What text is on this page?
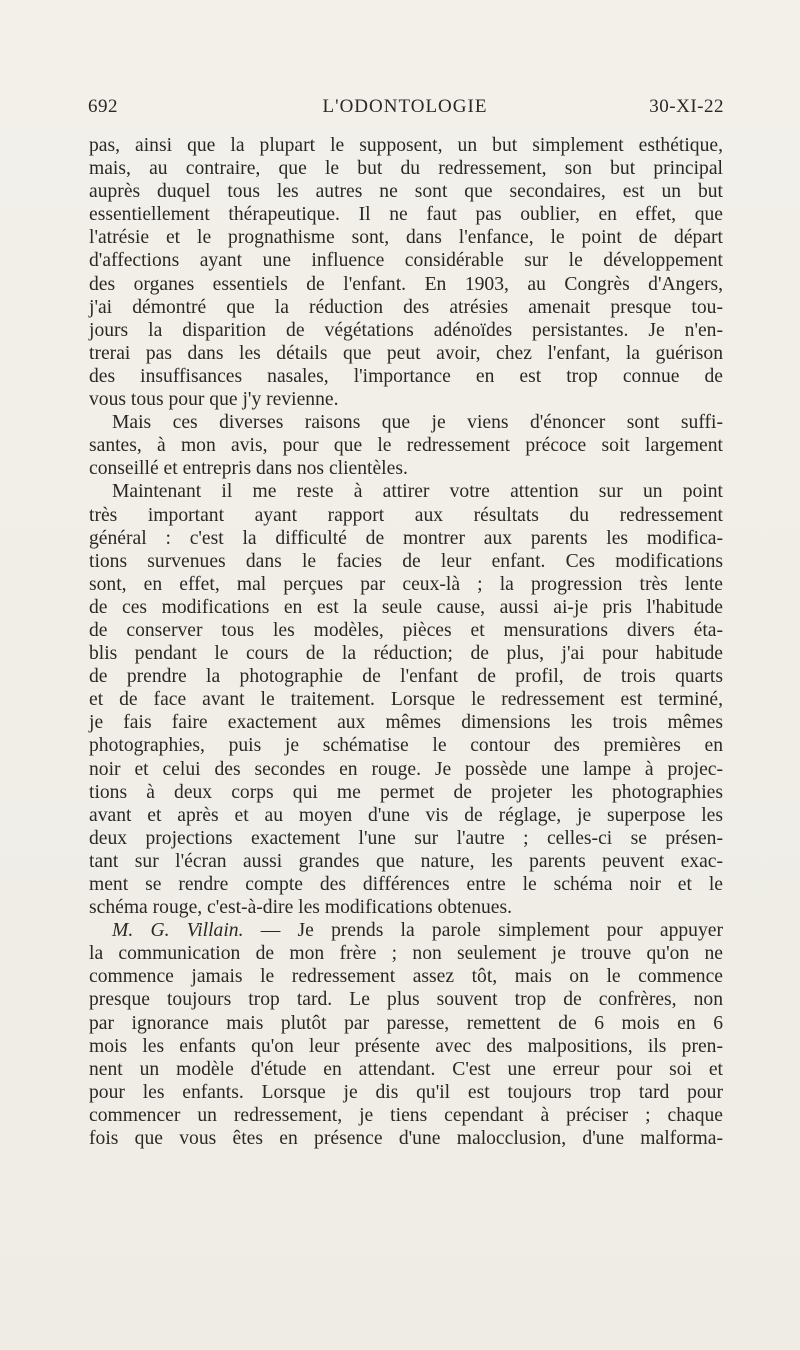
692	L'ODONTOLOGIE	30-XI-22
pas, ainsi que la plupart le supposent, un but simplement esthétique,
mais, au contraire, que le but du redressement, son but principal
auprès duquel tous les autres ne sont que secondaires, est un but
essentiellement thérapeutique. Il ne faut pas oublier, en effet, que
l'atrésie et le prognathisme sont, dans l'enfance, le point de départ
d'affections ayant une influence considérable sur le développement
des organes essentiels de l'enfant. En 1903, au Congrès d'Angers,
j'ai démontré que la réduction des atrésies amenait presque tou-
jours la disparition de végétations adénoïdes persistantes. Je n'en-
trerai pas dans les détails que peut avoir, chez l'enfant, la guérison
des insuffisances nasales, l'importance en est trop connue de
vous tous pour que j'y revienne.
Mais ces diverses raisons que je viens d'énoncer sont suffi-
santes, à mon avis, pour que le redressement précoce soit largement
conseillé et entrepris dans nos clientèles.
Maintenant il me reste à attirer votre attention sur un point
très important ayant rapport aux résultats du redressement
général : c'est la difficulté de montrer aux parents les modifica-
tions survenues dans le facies de leur enfant. Ces modifications
sont, en effet, mal perçues par ceux-là ; la progression très lente
de ces modifications en est la seule cause, aussi ai-je pris l'habitude
de conserver tous les modèles, pièces et mensurations divers éta-
blis pendant le cours de la réduction; de plus, j'ai pour habitude
de prendre la photographie de l'enfant de profil, de trois quarts
et de face avant le traitement. Lorsque le redressement est terminé,
je fais faire exactement aux mêmes dimensions les trois mêmes
photographies, puis je schématise le contour des premières en
noir et celui des secondes en rouge. Je possède une lampe à projec-
tions à deux corps qui me permet de projeter les photographies
avant et après et au moyen d'une vis de réglage, je superpose les
deux projections exactement l'une sur l'autre ; celles-ci se présen-
tant sur l'écran aussi grandes que nature, les parents peuvent exac-
ment se rendre compte des différences entre le schéma noir et le
schéma rouge, c'est-à-dire les modifications obtenues.
M. G. Villain. — Je prends la parole simplement pour appuyer
la communication de mon frère ; non seulement je trouve qu'on ne
commence jamais le redressement assez tôt, mais on le commence
presque toujours trop tard. Le plus souvent trop de confrères, non
par ignorance mais plutôt par paresse, remettent de 6 mois en 6
mois les enfants qu'on leur présente avec des malpositions, ils pren-
nent un modèle d'étude en attendant. C'est une erreur pour soi et
pour les enfants. Lorsque je dis qu'il est toujours trop tard pour
commencer un redressement, je tiens cependant à préciser ; chaque
fois que vous êtes en présence d'une malocclusion, d'une malforma-
